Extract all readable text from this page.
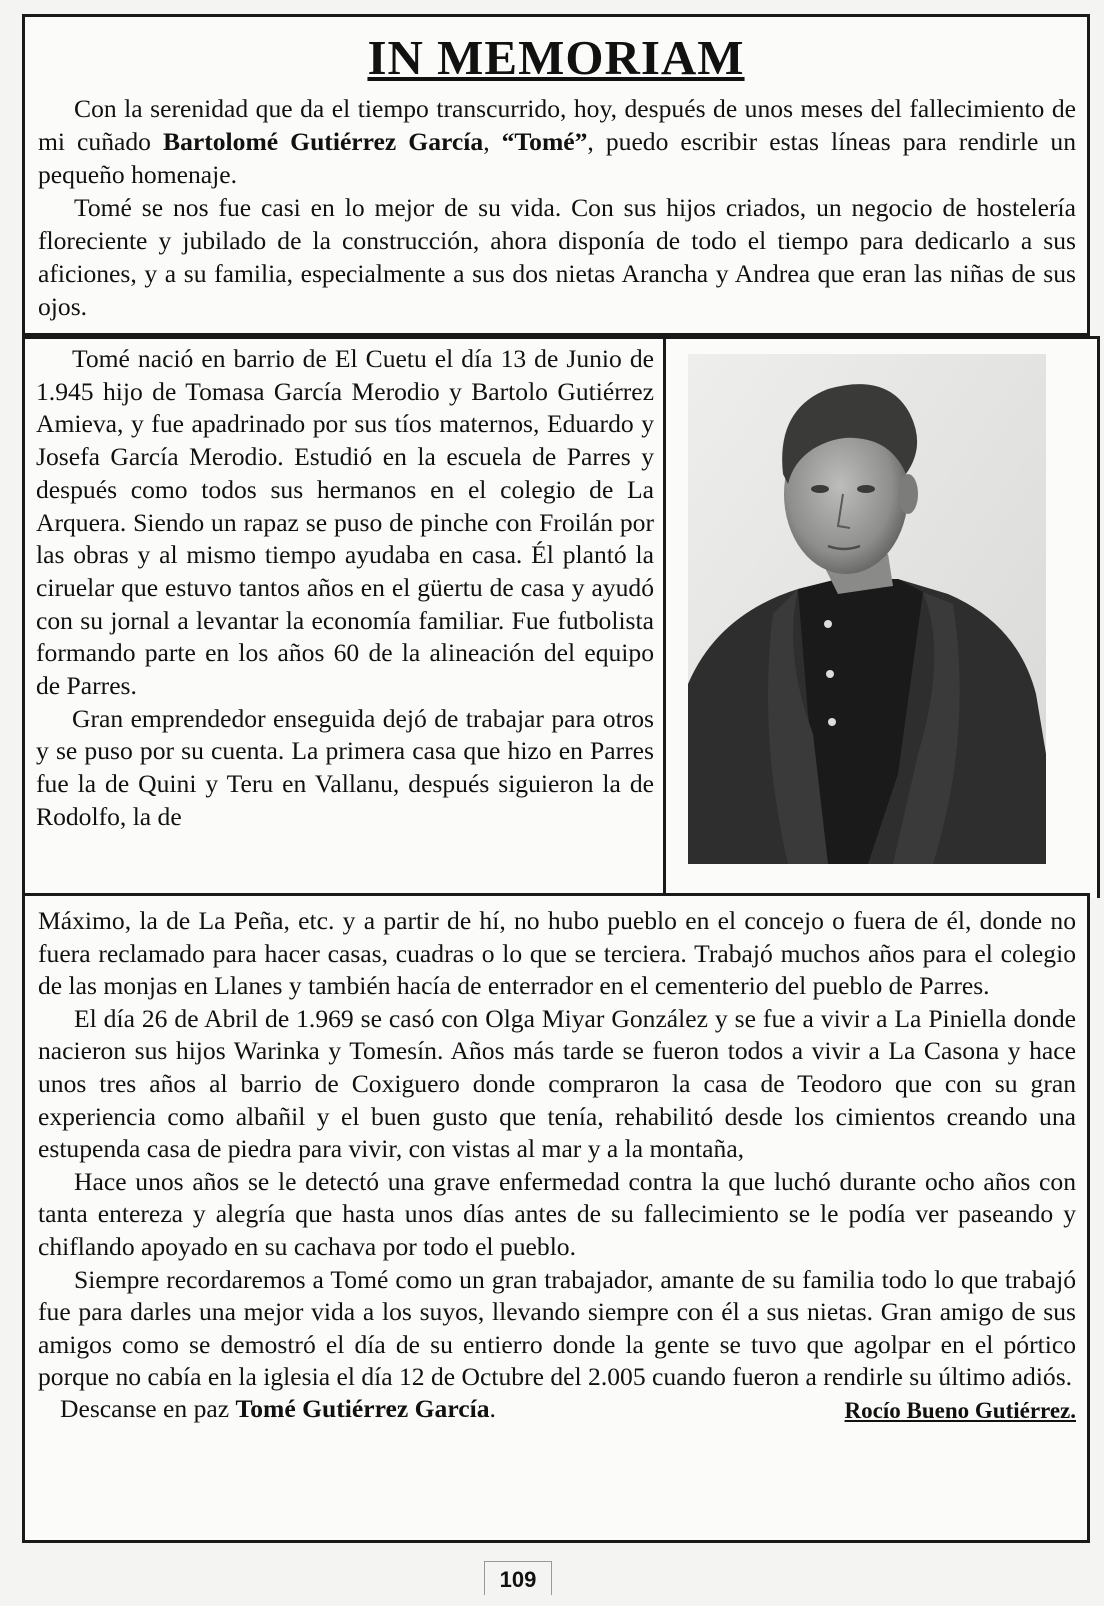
IN MEMORIAM

Con la serenidad que da el tiempo transcurrido, hoy, después de unos meses del fallecimiento de mi cuñado Bartolomé Gutiérrez García, “Tomé”, puedo escribir estas líneas para rendirle un pequeño homenaje.

Tomé se nos fue casi en lo mejor de su vida. Con sus hijos criados, un negocio de hostelería floreciente y jubilado de la construcción, ahora disponía de todo el tiempo para dedicarlo a sus aficiones, y a su familia, especialmente a sus dos nietas Arancha y Andrea que eran las niñas de sus ojos.

Tomé nació en barrio de El Cuetu el día 13 de Junio de 1.945 hijo de Tomasa García Merodio y Bartolo Gutiérrez Amieva, y fue apadrinado por sus tíos maternos, Eduardo y Josefa García Merodio. Estudió en la escuela de Parres y después como todos sus hermanos en el colegio de La Arquera. Siendo un rapaz se puso de pinche con Froilán por las obras y al mismo tiempo ayudaba en casa. Él plantó la ciruelar que estuvo tantos años en el güertu de casa y ayudó con su jornal a levantar la economía familiar. Fue futbolista formando parte en los años 60 de la alineación del equipo de Parres.

Gran emprendedor enseguida dejó de trabajar para otros y se puso por su cuenta. La primera casa que hizo en Parres fue la de Quini y Teru en Vallanu, después siguieron la de Rodolfo, la de

Máximo, la de La Peña, etc. y a partir de hí, no hubo pueblo en el concejo o fuera de él, donde no fuera reclamado para hacer casas, cuadras o lo que se terciera. Trabajó muchos años para el colegio de las monjas en Llanes y también hacía de enterrador en el cementerio del pueblo de Parres.

El día 26 de Abril de 1.969 se casó con Olga Miyar González y se fue a vivir a La Piniella donde nacieron sus hijos Warinka y Tomesín. Años más tarde se fueron todos a vivir a La Casona y hace unos tres años al barrio de Coxiguero donde compraron la casa de Teodoro que con su gran experiencia como albañil y el buen gusto que tenía, rehabilitó desde los cimientos creando una estupenda casa de piedra para vivir, con vistas al mar y a la montaña,

Hace unos años se le detectó una grave enfermedad contra la que luchó durante ocho años con tanta entereza y alegría que hasta unos días antes de su fallecimiento se le podía ver paseando y chiflando apoyado en su cachava por todo el pueblo.

Siempre recordaremos a Tomé como un gran trabajador, amante de su familia todo lo que trabajó fue para darles una mejor vida a los suyos, llevando siempre con él a sus nietas. Gran amigo de sus amigos como se demostró el día de su entierro donde la gente se tuvo que agolpar en el pórtico porque no cabía en la iglesia el día 12 de Octubre del 2.005 cuando fueron a rendirle su último adiós.

Descanse en paz Tomé Gutiérrez García.	Rocío Bueno Gutiérrez.
109
